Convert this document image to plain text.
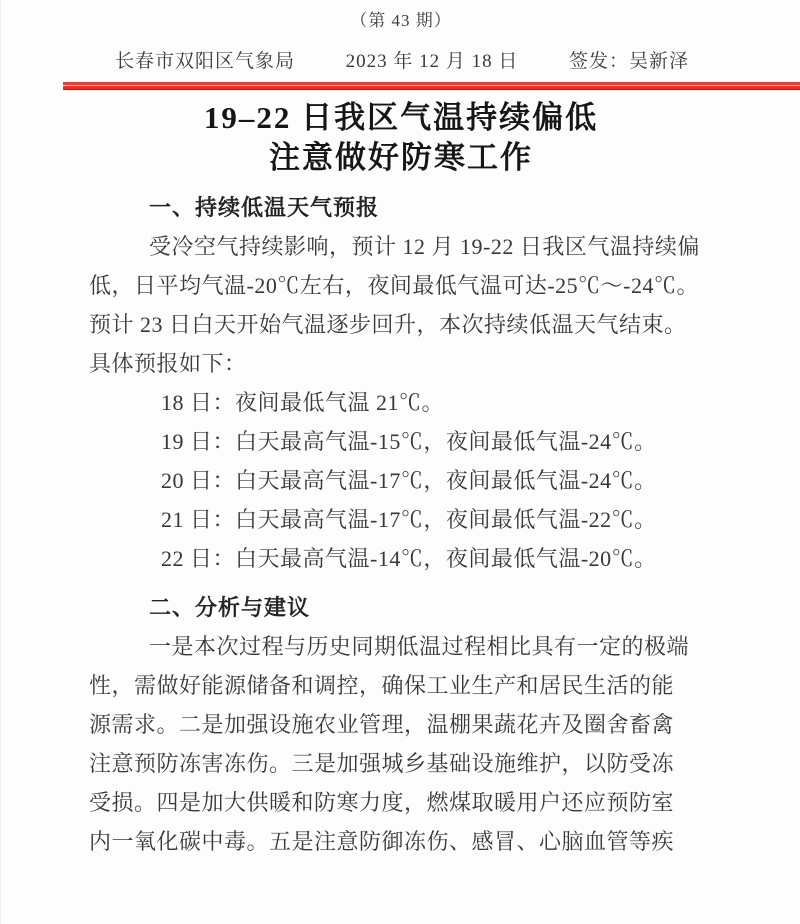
（第 43 期）
长春市双阳区气象局	2023 年 12 月 18 日	签发：吴新泽
19–22 日我区气温持续偏低
注意做好防寒工作
一、持续低温天气预报
受冷空气持续影响，预计 12 月 19-22 日我区气温持续偏
低，日平均气温-20℃左右，夜间最低气温可达-25℃～-24℃。
预计 23 日白天开始气温逐步回升，本次持续低温天气结束。
具体预报如下：
18 日：夜间最低气温 21℃。
19 日：白天最高气温-15℃，夜间最低气温-24℃。
20 日：白天最高气温-17℃，夜间最低气温-24℃。
21 日：白天最高气温-17℃，夜间最低气温-22℃。
22 日：白天最高气温-14℃，夜间最低气温-20℃。
二、分析与建议
一是本次过程与历史同期低温过程相比具有一定的极端
性，需做好能源储备和调控，确保工业生产和居民生活的能
源需求。二是加强设施农业管理，温棚果蔬花卉及圈舍畜禽
注意预防冻害冻伤。三是加强城乡基础设施维护，以防受冻
受损。四是加大供暖和防寒力度，燃煤取暖用户还应预防室
内一氧化碳中毒。五是注意防御冻伤、感冒、心脑血管等疾
